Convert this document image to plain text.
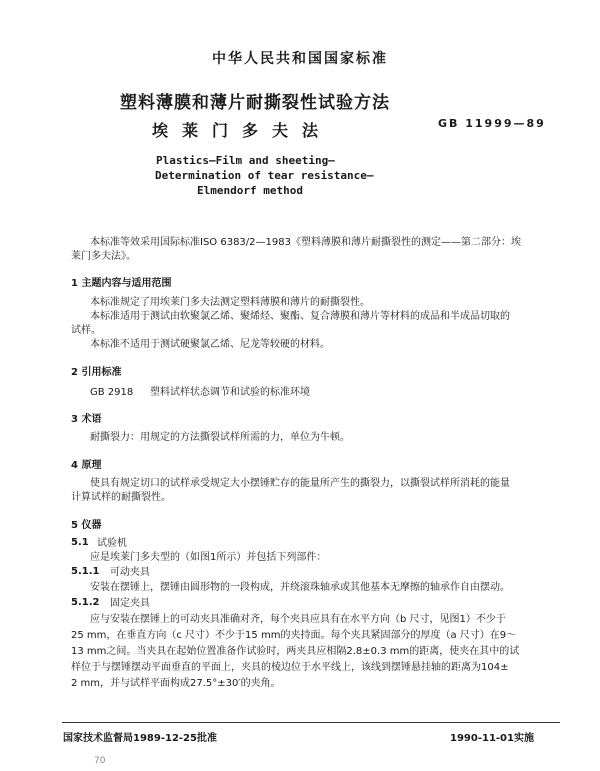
中华人民共和国国家标准
塑料薄膜和薄片耐撕裂性试验方法
埃莱门多夫法	GB 11999—89
Plastics—Film and sheeting—
Determination of tear resistance—
Elmendorf method
本标准等效采用国际标准ISO 6383/2—1983《塑料薄膜和薄片耐撕裂性的测定——第二部分：埃
莱门多夫法》。
1 主题内容与适用范围
本标准规定了用埃莱门多夫法测定塑料薄膜和薄片的耐撕裂性。
本标准适用于测试由软聚氯乙烯、聚烯烃、聚酯、复合薄膜和薄片等材料的成品和半成品切取的
试样。
本标准不适用于测试硬聚氯乙烯、尼龙等较硬的材料。
2 引用标准
GB 2918 塑料试样状态调节和试验的标准环境
3 术语
耐撕裂力：用规定的方法撕裂试样所需的力，单位为牛顿。
4 原理
使具有规定切口的试样承受规定大小摆锤贮存的能量所产生的撕裂力，以撕裂试样所消耗的能量
计算试样的耐撕裂性。
5 仪器
5.1 试验机
应是埃莱门多夫型的（如图1所示）并包括下列部件：
5.1.1 可动夹具
安装在摆锤上，摆锤由圆形物的一段构成，并绕滚珠轴承或其他基本无摩擦的轴承作自由摆动。
5.1.2 固定夹具
应与安装在摆锤上的可动夹具准确对齐，每个夹具应具有在水平方向（b 尺寸，见图1）不少于
25 mm，在垂直方向（c 尺寸）不少于15 mm的夹持面。每个夹具紧固部分的厚度（a 尺寸）在9～
13 mm之间。当夹具在起始位置准备作试验时，两夹具应相隔2.8±0.3 mm的距离，使夹在其中的试
样位于与摆锤摆动平面垂直的平面上，夹具的棱边位于水平线上，该线到摆锤悬挂轴的距离为104±
2 mm，并与试样平面构成27.5°±30′的夹角。
国家技术监督局1989-12-25批准	1990-11-01实施
70
